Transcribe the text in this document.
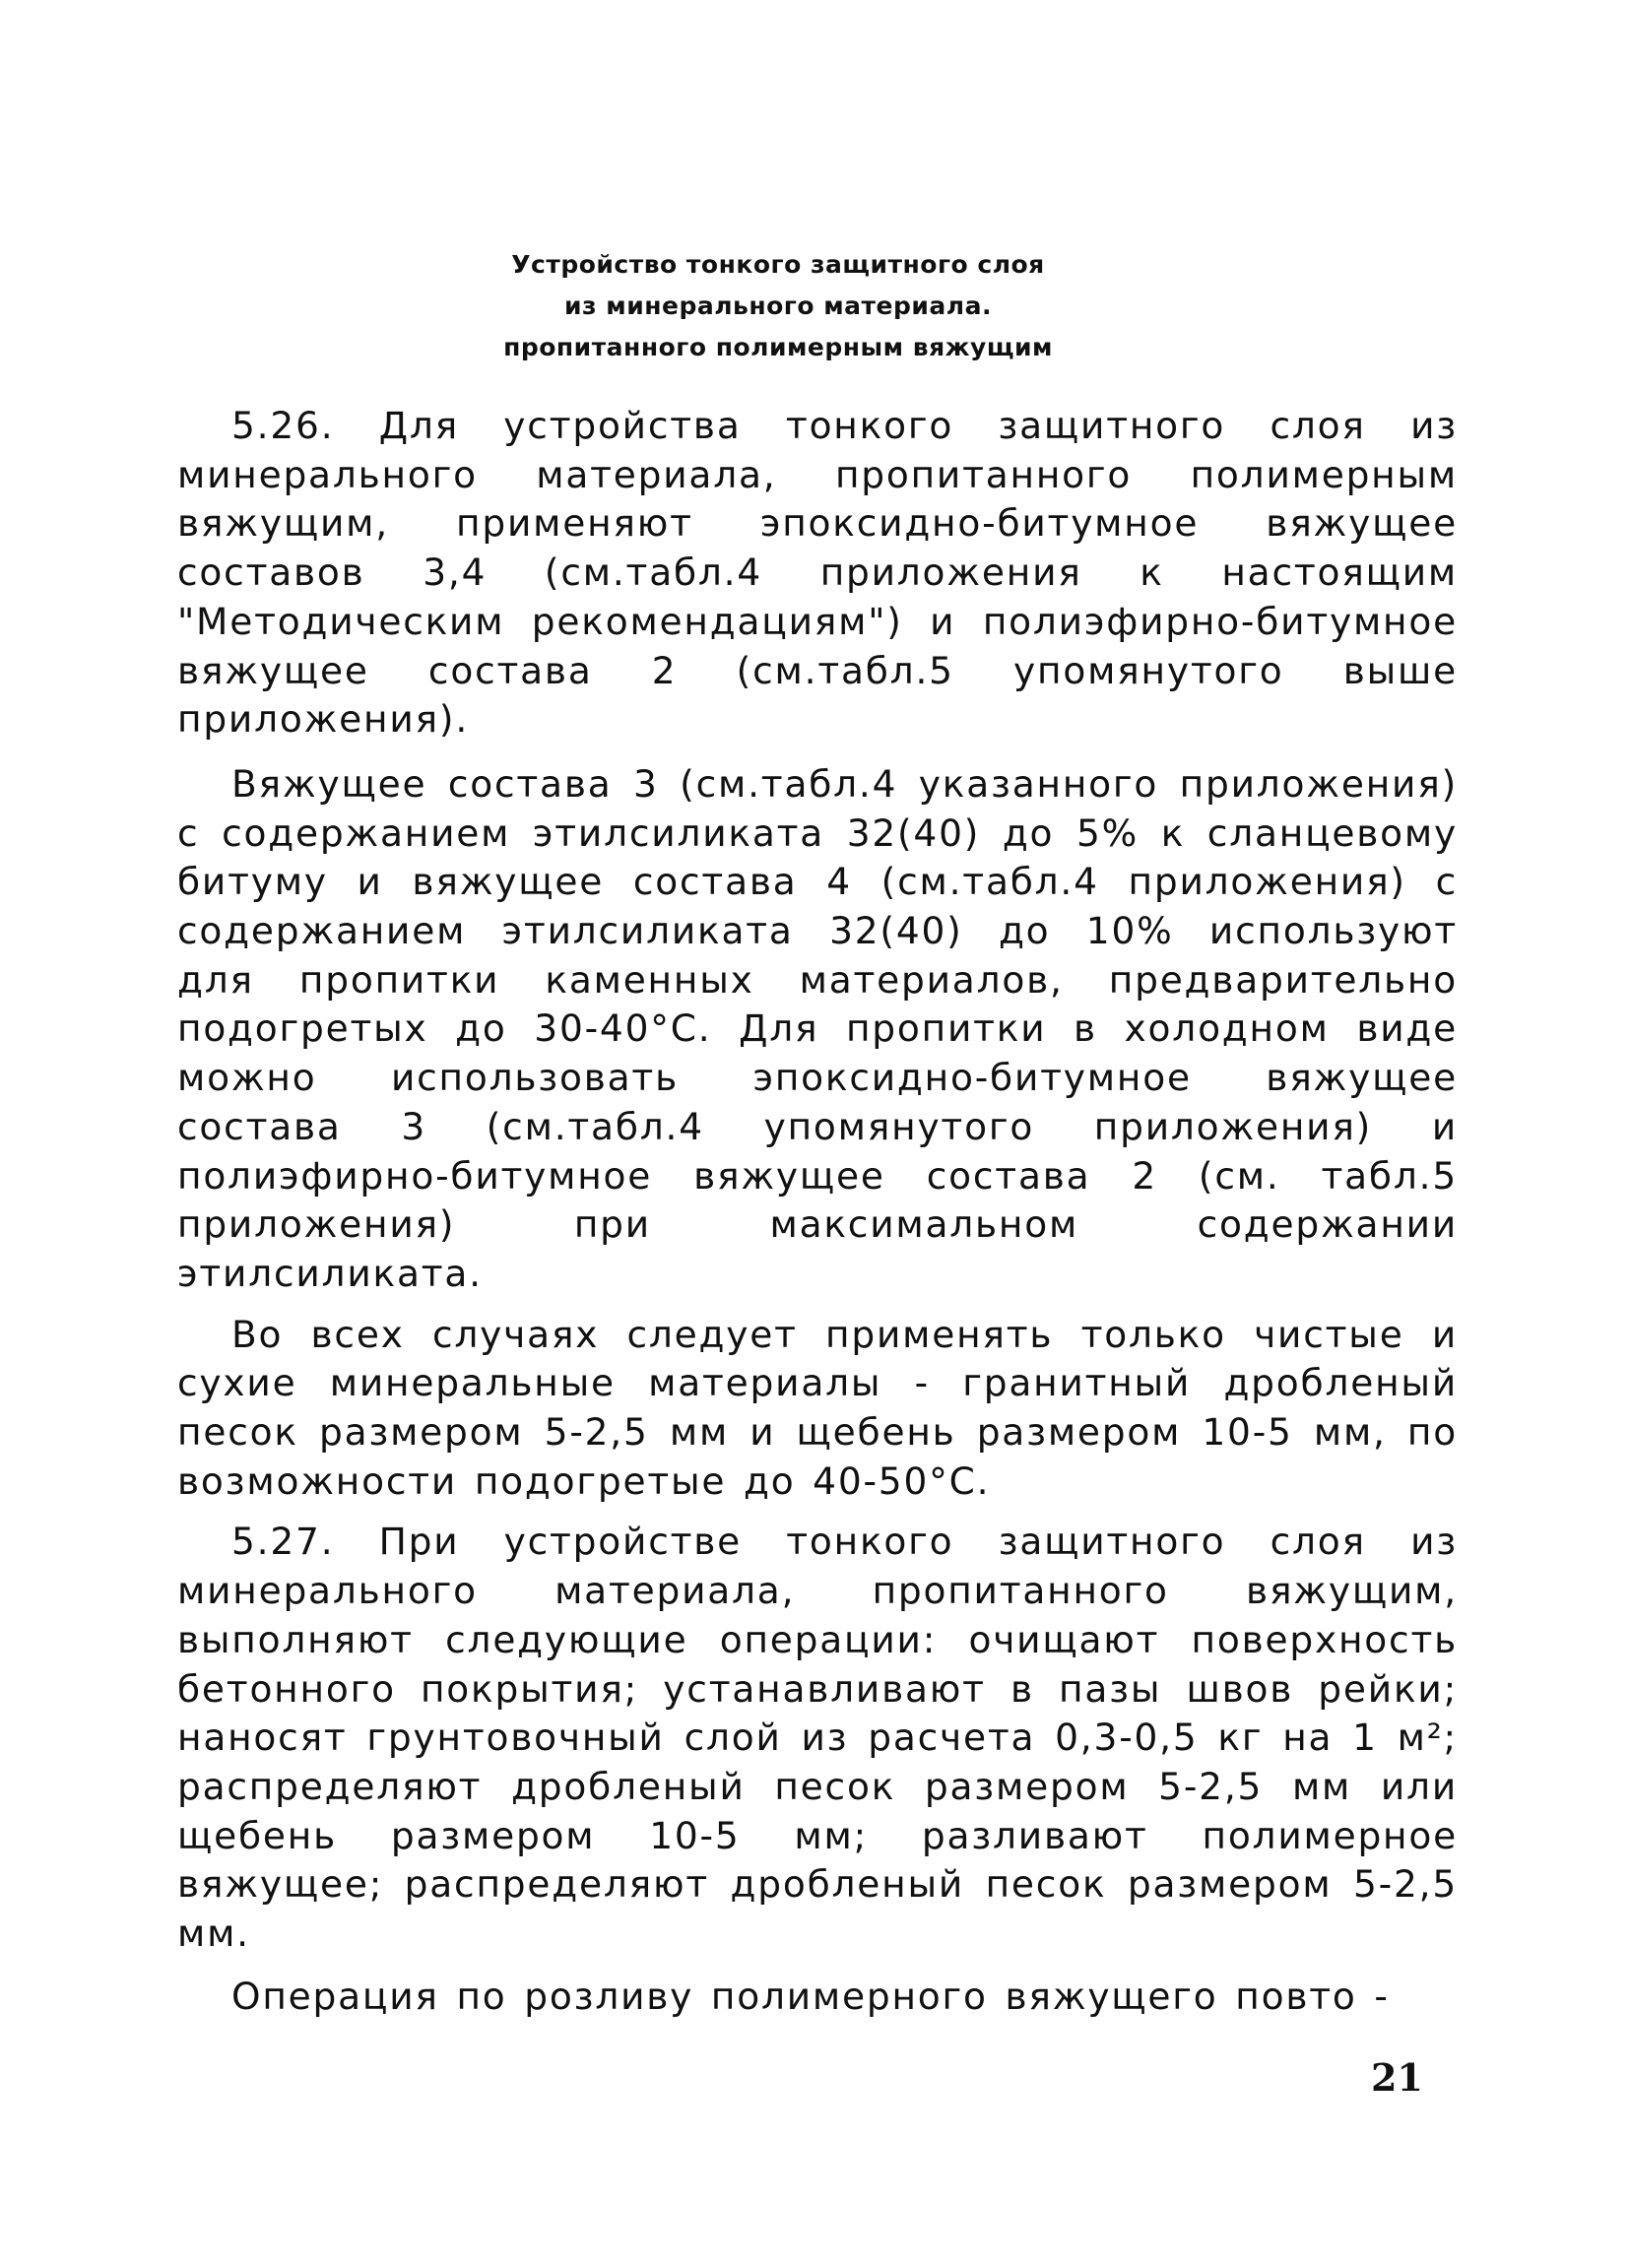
Устройство тонкого защитного слоя
из минерального материала.
пропитанного полимерным вяжущим

5.26. Для устройства тонкого защитного слоя из минерального материала, пропитанного полимерным вяжущим, применяют эпоксидно-битумное вяжущее составов 3,4 (см.табл.4 приложения к настоящим "Методическим рекомендациям") и полиэфирно-битумное вяжущее состава 2 (см.табл.5 упомянутого выше приложения).

Вяжущее состава 3 (см.табл.4 указанного приложения) с содержанием этилсиликата 32(40) до 5% к сланцевому битуму и вяжущее состава 4 (см.табл.4 приложения) с содержанием этилсиликата 32(40) до 10% используют для пропитки каменных материалов, предварительно подогретых до 30-40°С. Для пропитки в холодном виде можно использовать эпоксидно-битумное вяжущее состава 3 (см.табл.4 упомянутого приложения) и полиэфирно-битумное вяжущее состава 2 (см. табл.5 приложения) при максимальном содержании этилсиликата.

Во всех случаях следует применять только чистые и сухие минеральные материалы - гранитный дробленый песок размером 5-2,5 мм и щебень размером 10-5 мм, по возможности подогретые до 40-50°С.

5.27. При устройстве тонкого защитного слоя из минерального материала, пропитанного вяжущим, выполняют следующие операции: очищают поверхность бетонного покрытия; устанавливают в пазы швов рейки; наносят грунтовочный слой из расчета 0,3-0,5 кг на 1 м²; распределяют дробленый песок размером 5-2,5 мм или щебень размером 10-5 мм; разливают полимерное вяжущее; распределяют дробленый песок размером 5-2,5 мм.

Операция по розливу полимерного вяжущего повто -

21
